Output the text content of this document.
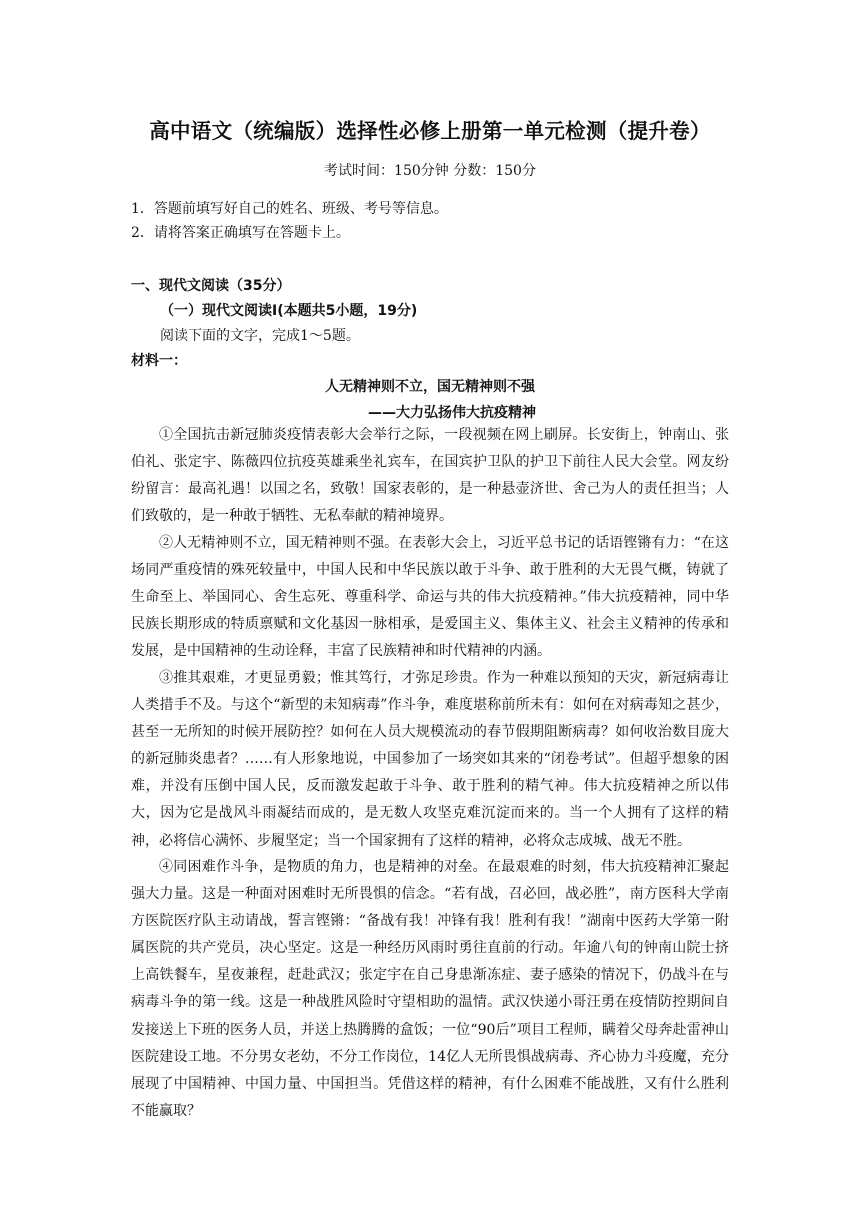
高中语文（统编版）选择性必修上册第一单元检测（提升卷）
考试时间：150分钟 分数：150分
1．答题前填写好自己的姓名、班级、考号等信息。
2．请将答案正确填写在答题卡上。
一、现代文阅读（35分）
（一）现代文阅读Ⅰ(本题共5小题，19分)
阅读下面的文字，完成1～5题。
材料一：
人无精神则不立，国无精神则不强
——大力弘扬伟大抗疫精神

①全国抗击新冠肺炎疫情表彰大会举行之际，一段视频在网上刷屏。长安街上，钟南山、张伯礼、张定宇、陈薇四位抗疫英雄乘坐礼宾车，在国宾护卫队的护卫下前往人民大会堂。网友纷纷留言：最高礼遇！以国之名，致敬！国家表彰的，是一种悬壶济世、舍己为人的责任担当；人们致敬的，是一种敢于牺牲、无私奉献的精神境界。

②人无精神则不立，国无精神则不强。在表彰大会上，习近平总书记的话语铿锵有力：“在这场同严重疫情的殊死较量中，中国人民和中华民族以敢于斗争、敢于胜利的大无畏气概，铸就了生命至上、举国同心、舍生忘死、尊重科学、命运与共的伟大抗疫精神。”伟大抗疫精神，同中华民族长期形成的特质禀赋和文化基因一脉相承，是爱国主义、集体主义、社会主义精神的传承和发展，是中国精神的生动诠释，丰富了民族精神和时代精神的内涵。

③推其艰难，才更显勇毅；惟其笃行，才弥足珍贵。作为一种难以预知的天灾，新冠病毒让人类措手不及。与这个“新型的未知病毒”作斗争，难度堪称前所未有：如何在对病毒知之甚少，甚至一无所知的时候开展防控？如何在人员大规模流动的春节假期阻断病毒？如何收治数目庞大的新冠肺炎患者？……有人形象地说，中国参加了一场突如其来的“闭卷考试”。但超乎想象的困难，并没有压倒中国人民，反而激发起敢于斗争、敢于胜利的精气神。伟大抗疫精神之所以伟大，因为它是战风斗雨凝结而成的，是无数人攻坚克难沉淀而来的。当一个人拥有了这样的精神，必将信心满怀、步履坚定；当一个国家拥有了这样的精神，必将众志成城、战无不胜。

④同困难作斗争，是物质的角力，也是精神的对垒。在最艰难的时刻，伟大抗疫精神汇聚起强大力量。这是一种面对困难时无所畏惧的信念。“若有战，召必回，战必胜”，南方医科大学南方医院医疗队主动请战，誓言铿锵：“备战有我！冲锋有我！胜利有我！”湖南中医药大学第一附属医院的共产党员，决心坚定。这是一种经历风雨时勇往直前的行动。年逾八旬的钟南山院士挤上高铁餐车，星夜兼程，赶赴武汉；张定宇在自己身患渐冻症、妻子感染的情况下，仍战斗在与病毒斗争的第一线。这是一种战胜风险时守望相助的温情。武汉快递小哥汪勇在疫情防控期间自发接送上下班的医务人员，并送上热腾腾的盒饭；一位“90后”项目工程师，瞒着父母奔赴雷神山医院建设工地。不分男女老幼，不分工作岗位，14亿人无所畏惧战病毒、齐心协力斗疫魔，充分展现了中国精神、中国力量、中国担当。凭借这样的精神，有什么困难不能战胜，又有什么胜利不能赢取？
